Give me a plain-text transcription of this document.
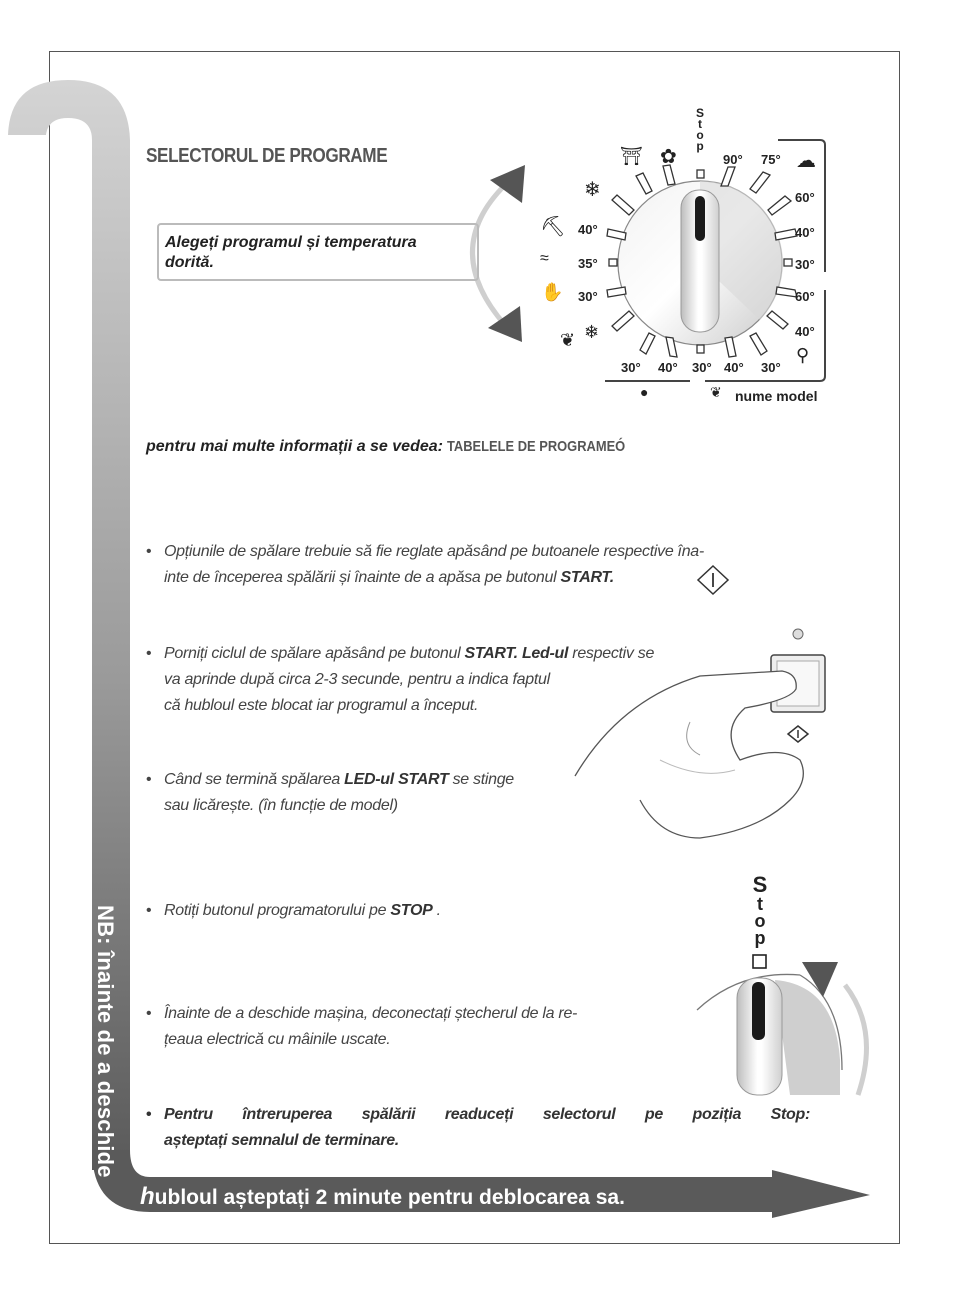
S
t
o
p
90° 75°
60°
40°
30°
60°
40°
40°
35°
30°
30° 40° 30° 40° 30°
nume model
⛩ ✿
❄
⛏
≈
✋
❦ ❄
☁
⚲
●	❦
SELECTORUL DE PROGRAME
Alegeți programul și temperatura
dorită.
pentru mai multe informații a se vedea: TABELELE DE PROGRAMEÓ
• Opțiunile de spălare trebuie să fie reglate apăsând pe butoanele respective îna-
inte de începerea spălării și înainte de a apăsa pe butonul START.
• Porniți ciclul de spălare apăsând pe butonul START. Led-ul respectiv se
va aprinde după circa 2-3 secunde, pentru a indica faptul
că hubloul este blocat iar programul a început.
• Când se termină spălarea LED-ul START se stinge
sau licărește. (în funcție de model)
• Rotiți butonul programatorului pe STOP .
• Înainte de a deschide mașina, deconectați ștecherul de la re-
țeaua electrică cu mâinile uscate.
• Pentru întreruperea spălării readuceți selectorul pe poziția Stop:
așteptați semnalul de terminare.
S
t
o
p
NB: înainte de a deschide
hubloul așteptați 2 minute pentru deblocarea sa.
